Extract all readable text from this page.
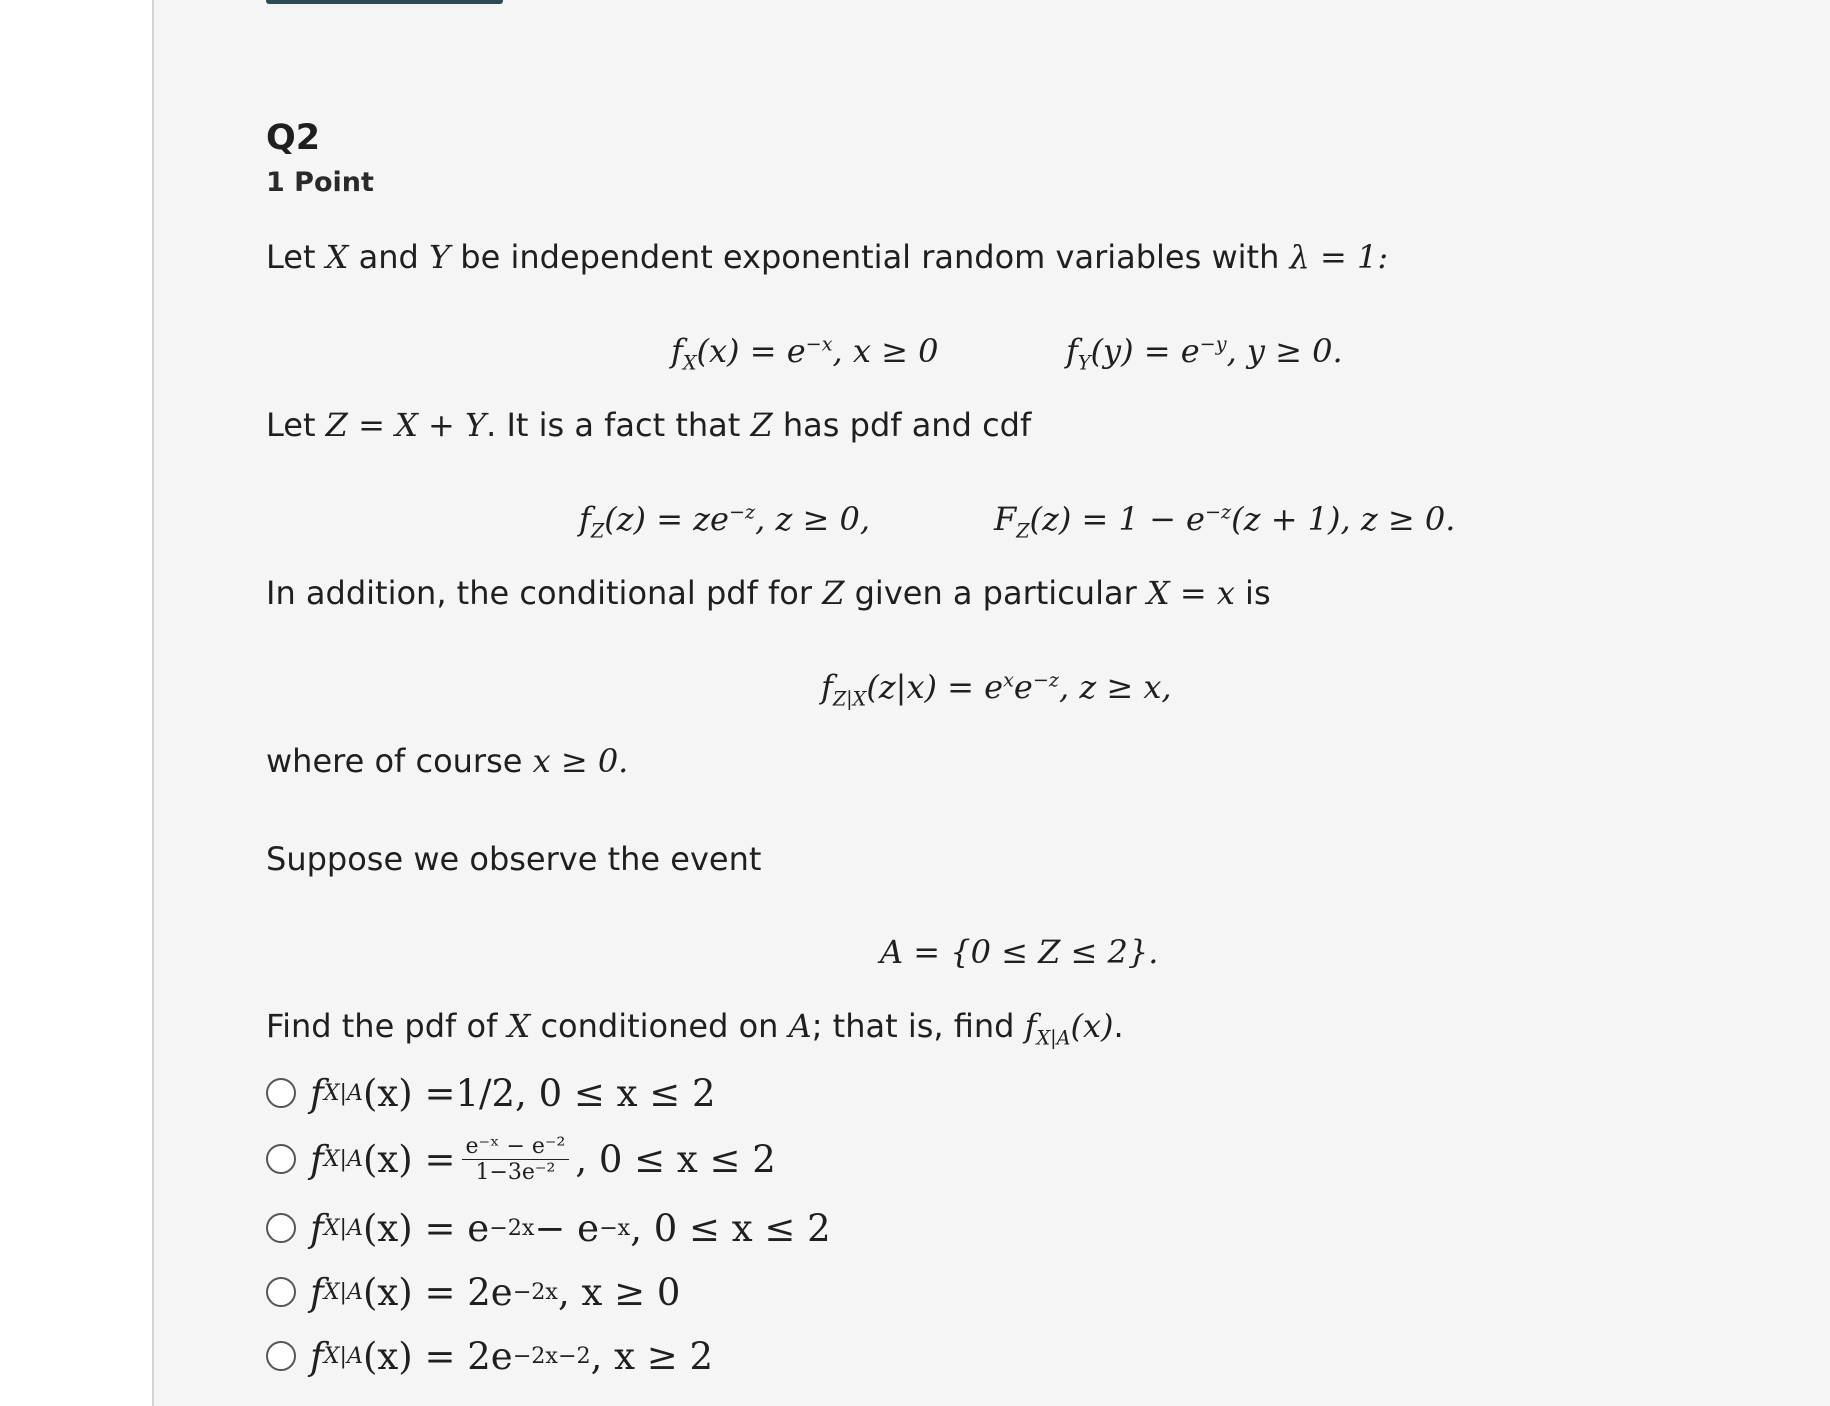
Q2
1 Point
Let X and Y be independent exponential random variables with λ = 1:
$f_X(x) = e^{-x}$, x ≥ 0	$f_Y(y) = e^{-y}$, y ≥ 0.
Let Z = X + Y. It is a fact that Z has pdf and cdf
$f_Z(z) = ze^{-z}$, z ≥ 0,	$F_Z(z) = 1 - e^{-z}(z + 1)$, z ≥ 0.
In addition, the conditional pdf for Z given a particular X = x is
$f_{Z|X}(z|x) = e^xe^{-z}$, z ≥ x,
where of course x ≥ 0.
Suppose we observe the event
A = {0 ≤ Z ≤ 2}.
Find the pdf of X conditioned on A; that is, find $f_{X|A}(x)$.
f X|A (x) = 1/2, 0 ≤ x ≤ 2
f X|A $(x) = \frac{\text{e⁻ˣ − e⁻²}}{\text{1−3e⁻²}}$ , 0 ≤ x ≤ 2
f X|A (x) = e −2x − e −x , 0 ≤ x ≤ 2
f X|A (x) = 2e −2x , x ≥ 0
f X|A (x) = 2e −2x−2 , x ≥ 2
